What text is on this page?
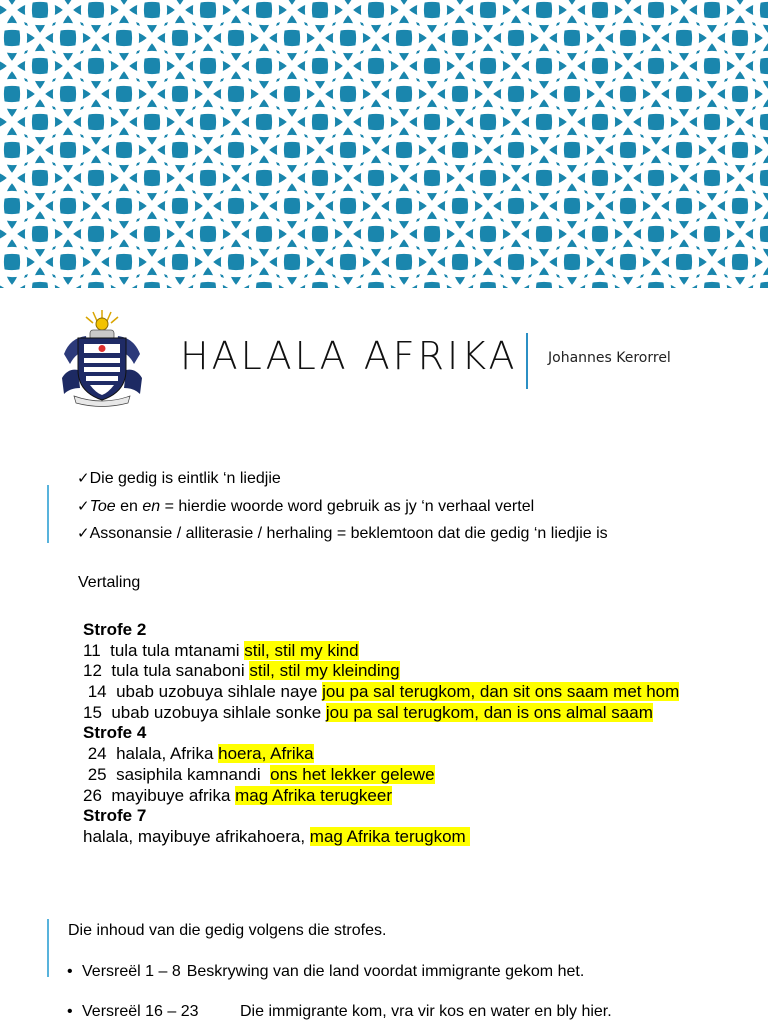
HALALA AFRIKA Johannes Kerorrel
✓Die gedig is eintlik ‘n liedjie
✓Toe en en = hierdie woorde word gebruik as jy ‘n verhaal vertel
✓Assonansie / alliterasie / herhaling = beklemtoon dat die gedig ‘n liedjie is
Vertaling
Strofe 2
11  tula tula mtanami stil, stil my kind
12  tula tula sanaboni stil, stil my kleinding
14  ubab uzobuya sihlale naye jou pa sal terugkom, dan sit ons saam met hom
15  ubab uzobuya sihlale sonke jou pa sal terugkom, dan is ons almal saam
Strofe 4
24  halala, Afrika hoera, Afrika
25  sasiphila kamnandi  ons het lekker gelewe
26  mayibuye afrika mag Afrika terugkeer
Strofe 7
halala, mayibuye afrikahoera, mag Afrika terugkom
Die inhoud van die gedig volgens die strofes.
• Versreël 1 – 8 Beskrywing van die land voordat immigrante gekom het.
• Versreël 16 – 23	Die immigrante kom, vra vir kos en water en bly hier.
